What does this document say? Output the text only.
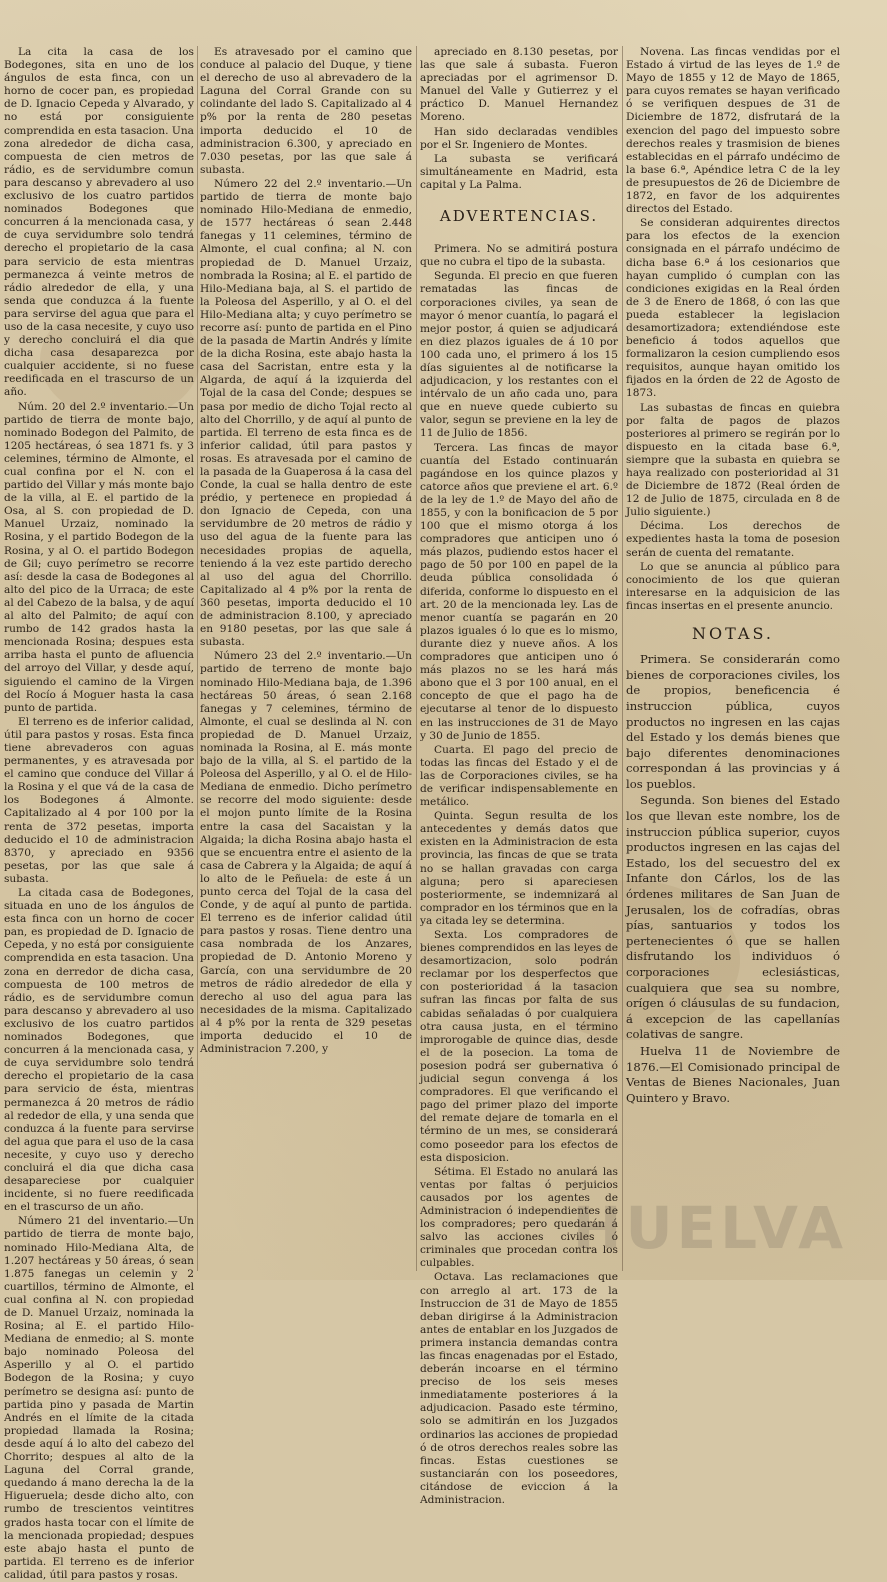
La cita la casa de los Bodegones, sita en uno de los ángulos de esta finca, con un horno de cocer pan, es propiedad de D. Ignacio Cepeda y Alvarado, y no está por consiguiente comprendida en esta tasacion. Una zona alrededor de dicha casa, compuesta de cien metros de rádio, es de servidumbre comun para descanso y abrevadero al uso exclusivo de los cuatro partidos nominados Bodegones que concurren á la mencionada casa, y de cuya servidumbre solo tendrá derecho el propietario de la casa para servicio de esta mientras permanezca á veinte metros de rádio alrededor de ella, y una senda que conduzca á la fuente para servirse del agua que para el uso de la casa necesite, y cuyo uso y derecho concluirá el dia que dicha casa desaparezca por cualquier accidente, si no fuese reedificada en el trascurso de un año.

Núm. 20 del 2.º inventario.—Un partido de tierra de monte bajo, nominado Bodegon del Palmito, de 1205 hectáreas, ó sea 1871 fs. y 3 celemines, término de Almonte, el cual confina por el N. con el partido del Villar y más monte bajo de la villa, al E. el partido de la Osa, al S. con propiedad de D. Manuel Urzaiz, nominado la Rosina, y el partido Bodegon de la Rosina, y al O. el partido Bodegon de Gil; cuyo perímetro se recorre así: desde la casa de Bodegones al alto del pico de la Urraca; de este al del Cabezo de la balsa, y de aquí al alto del Palmito; de aquí con rumbo de 142 grados hasta la mencionada Rosina; despues esta arriba hasta el punto de afluencia del arroyo del Villar, y desde aquí, siguiendo el camino de la Virgen del Rocío á Moguer hasta la casa punto de partida.

El terreno es de inferior calidad, útil para pastos y rosas. Esta finca tiene abrevaderos con aguas permanentes, y es atravesada por el camino que conduce del Villar á la Rosina y el que vá de la casa de los Bodegones á Almonte. Capitalizado al 4 por 100 por la renta de 372 pesetas, importa deducido el 10 de administracion 8370, y apreciado en 9356 pesetas, por las que sale á subasta.

La citada casa de Bodegones, situada en uno de los ángulos de esta finca con un horno de cocer pan, es propiedad de D. Ignacio de Cepeda, y no está por consiguiente comprendida en esta tasacion. Una zona en derredor de dicha casa, compuesta de 100 metros de rádio, es de servidumbre comun para descanso y abrevadero al uso exclusivo de los cuatro partidos nominados Bodegones, que concurren á la mencionada casa, y de cuya servidumbre solo tendrá derecho el propietario de la casa para servicio de ésta, mientras permanezca á 20 metros de rádio al rededor de ella, y una senda que conduzca á la fuente para servirse del agua que para el uso de la casa necesite, y cuyo uso y derecho concluirá el dia que dicha casa desapareciese por cualquier incidente, si no fuere reedificada en el trascurso de un año.

Número 21 del inventario.—Un partido de tierra de monte bajo, nominado Hilo-Mediana Alta, de 1.207 hectáreas y 50 áreas, ó sean 1.875 fanegas un celemin y 2 cuartillos, término de Almonte, el cual confina al N. con propiedad de D. Manuel Urzaiz, nominada la Rosina; al E. el partido Hilo-Mediana de enmedio; al S. monte bajo nominado Poleosa del Asperillo y al O. el partido Bodegon de la Rosina; y cuyo perímetro se designa así: punto de partida pino y pasada de Martin Andrés en el límite de la citada propiedad llamada la Rosina; desde aquí á lo alto del cabezo del Chorrito; despues al alto de la Laguna del Corral grande, quedando á mano derecha la de la Higueruela; desde dicho alto, con rumbo de trescientos veintitres grados hasta tocar con el límite de la mencionada propiedad; despues este abajo hasta el punto de partida. El terreno es de inferior calidad, útil para pastos y rosas.

Es atravesado por el camino que conduce al palacio del Duque, y tiene el derecho de uso al abrevadero de la Laguna del Corral Grande con su colindante del lado S. Capitalizado al 4 p% por la renta de 280 pesetas importa deducido el 10 de administracion 6.300, y apreciado en 7.030 pesetas, por las que sale á subasta.

Número 22 del 2.º inventario.—Un partido de tierra de monte bajo nominado Hilo-Mediana de enmedio, de 1577 hectáreas ó sean 2.448 fanegas y 11 celemines, término de Almonte, el cual confina; al N. con propiedad de D. Manuel Urzaiz, nombrada la Rosina; al E. el partido de Hilo-Mediana baja, al S. el partido de la Poleosa del Asperillo, y al O. el del Hilo-Mediana alta; y cuyo perímetro se recorre así: punto de partida en el Pino de la pasada de Martin Andrés y límite de la dicha Rosina, este abajo hasta la casa del Sacristan, entre esta y la Algarda, de aquí á la izquierda del Tojal de la casa del Conde; despues se pasa por medio de dicho Tojal recto al alto del Chorrillo, y de aquí al punto de partida. El terreno de esta finca es de inferior calidad, útil para pastos y rosas. Es atravesada por el camino de la pasada de la Guaperosa á la casa del Conde, la cual se halla dentro de este prédio, y pertenece en propiedad á don Ignacio de Cepeda, con una servidumbre de 20 metros de rádio y uso del agua de la fuente para las necesidades propias de aquella, teniendo á la vez este partido derecho al uso del agua del Chorrillo. Capitalizado al 4 p% por la renta de 360 pesetas, importa deducido el 10 de administracion 8.100, y apreciado en 9180 pesetas, por las que sale á subasta.

Número 23 del 2.º inventario.—Un partido de terreno de monte bajo nominado Hilo-Mediana baja, de 1.396 hectáreas 50 áreas, ó sean 2.168 fanegas y 7 celemines, término de Almonte, el cual se deslinda al N. con propiedad de D. Manuel Urzaiz, nominada la Rosina, al E. más monte bajo de la villa, al S. el partido de la Poleosa del Asperillo, y al O. el de Hilo-Mediana de enmedio. Dicho perímetro se recorre del modo siguiente: desde el mojon punto límite de la Rosina entre la casa del Sacaistan y la Algaida; la dicha Rosina abajo hasta el que se encuentra entre el asiento de la casa de Cabrera y la Algaida; de aquí á lo alto de le Peñuela: de este á un punto cerca del Tojal de la casa del Conde, y de aquí al punto de partida. El terreno es de inferior calidad útil para pastos y rosas. Tiene dentro una casa nombrada de los Anzares, propiedad de D. Antonio Moreno y García, con una servidumbre de 20 metros de rádio alrededor de ella y derecho al uso del agua para las necesidades de la misma. Capitalizado al 4 p% por la renta de 329 pesetas importa deducido el 10 de Administracion 7.200, y

apreciado en 8.130 pesetas, por las que sale á subasta. Fueron apreciadas por el agrimensor D. Manuel del Valle y Gutierrez y el práctico D. Manuel Hernandez Moreno.

Han sido declaradas vendibles por el Sr. Ingeniero de Montes.

La subasta se verificará simultáneamente en Madrid, esta capital y La Palma.

ADVERTENCIAS.

Primera. No se admitirá postura que no cubra el tipo de la subasta.

Segunda. El precio en que fueren rematadas las fincas de corporaciones civiles, ya sean de mayor ó menor cuantía, lo pagará el mejor postor, á quien se adjudicará en diez plazos iguales de á 10 por 100 cada uno, el primero á los 15 días siguientes al de notificarse la adjudicacion, y los restantes con el intérvalo de un año cada uno, para que en nueve quede cubierto su valor, segun se previene en la ley de 11 de Julio de 1856.

Tercera. Las fincas de mayor cuantía del Estado continuarán pagándose en los quince plazos y catorce años que previene el art. 6.º de la ley de 1.º de Mayo del año de 1855, y con la bonificacion de 5 por 100 que el mismo otorga á los compradores que anticipen uno ó más plazos, pudiendo estos hacer el pago de 50 por 100 en papel de la deuda pública consolidada ó diferida, conforme lo dispuesto en el art. 20 de la mencionada ley. Las de menor cuantía se pagarán en 20 plazos iguales ó lo que es lo mismo, durante diez y nueve años. A los compradores que anticipen uno ó más plazos no se les hará más abono que el 3 por 100 anual, en el concepto de que el pago ha de ejecutarse al tenor de lo dispuesto en las instrucciones de 31 de Mayo y 30 de Junio de 1855.

Cuarta. El pago del precio de todas las fincas del Estado y el de las de Corporaciones civiles, se ha de verificar indispensablemente en metálico.

Quinta. Segun resulta de los antecedentes y demás datos que existen en la Administracion de esta provincia, las fincas de que se trata no se hallan gravadas con carga alguna; pero si apareciesen posteriormente, se indemnizará al comprador en los términos que en la ya citada ley se determina.

Sexta. Los compradores de bienes comprendidos en las leyes de desamortizacion, solo podrán reclamar por los desperfectos que con posterioridad á la tasacion sufran las fincas por falta de sus cabidas señaladas ó por cualquiera otra causa justa, en el término improrogable de quince dias, desde el de la posecion. La toma de posesion podrá ser gubernativa ó judicial segun convenga á los compradores. El que verificando el pago del primer plazo del importe del remate dejare de tomarla en el término de un mes, se considerará como poseedor para los efectos de esta disposicion.

Sétima. El Estado no anulará las ventas por faltas ó perjuicios causados por los agentes de Administracion ó independientes de los compradores; pero quedarán á salvo las acciones civiles ó criminales que procedan contra los culpables.

Octava. Las reclamaciones que con arreglo al art. 173 de la Instruccion de 31 de Mayo de 1855 deban dirigirse á la Administracion antes de entablar en los Juzgados de primera instancia demandas contra las fincas enagenadas por el Estado, deberán incoarse en el término preciso de los seis meses inmediatamente posteriores á la adjudicacion. Pasado este término, solo se admitirán en los Juzgados ordinarios las acciones de propiedad ó de otros derechos reales sobre las fincas. Estas cuestiones se sustanciarán con los poseedores, citándose de eviccion á la Administracion.

Novena. Las fincas vendidas por el Estado á virtud de las leyes de 1.º de Mayo de 1855 y 12 de Mayo de 1865, para cuyos remates se hayan verificado ó se verifiquen despues de 31 de Diciembre de 1872, disfrutará de la exencion del pago del impuesto sobre derechos reales y trasmision de bienes establecidas en el párrafo undécimo de la base 6.ª, Apéndice letra C de la ley de presupuestos de 26 de Diciembre de 1872, en favor de los adquirentes directos del Estado.

Se consideran adquirentes directos para los efectos de la exencion consignada en el párrafo undécimo de dicha base 6.ª á los cesionarios que hayan cumplido ó cumplan con las condiciones exigidas en la Real órden de 3 de Enero de 1868, ó con las que pueda establecer la legislacion desamortizadora; extendiéndose este beneficio á todos aquellos que formalizaron la cesion cumpliendo esos requisitos, aunque hayan omitido los fijados en la órden de 22 de Agosto de 1873.

Las subastas de fincas en quiebra por falta de pagos de plazos posteriores al primero se regirán por lo dispuesto en la citada base 6.ª, siempre que la subasta en quiebra se haya realizado con posterioridad al 31 de Diciembre de 1872 (Real órden de 12 de Julio de 1875, circulada en 8 de Julio siguiente.)

Décima. Los derechos de expedientes hasta la toma de posesion serán de cuenta del rematante.

Lo que se anuncia al público para conocimiento de los que quieran interesarse en la adquisicion de las fincas insertas en el presente anuncio.

NOTAS.

Primera. Se considerarán como bienes de corporaciones civiles, los de propios, beneficencia é instruccion pública, cuyos productos no ingresen en las cajas del Estado y los demás bienes que bajo diferentes denominaciones correspondan á las provincias y á los pueblos.

Segunda. Son bienes del Estado los que llevan este nombre, los de instruccion pública superior, cuyos productos ingresen en las cajas del Estado, los del secuestro del ex Infante don Cárlos, los de las órdenes militares de San Juan de Jerusalen, los de cofradías, obras pías, santuarios y todos los pertenecientes ó que se hallen disfrutando los individuos ó corporaciones eclesiásticas, cualquiera que sea su nombre, orígen ó cláusulas de su fundacion, á excepcion de las capellanías colativas de sangre.

Huelva 11 de Noviembre de 1876.—El Comisionado principal de Ventas de Bienes Nacionales, Juan Quintero y Bravo.

HUELVA
